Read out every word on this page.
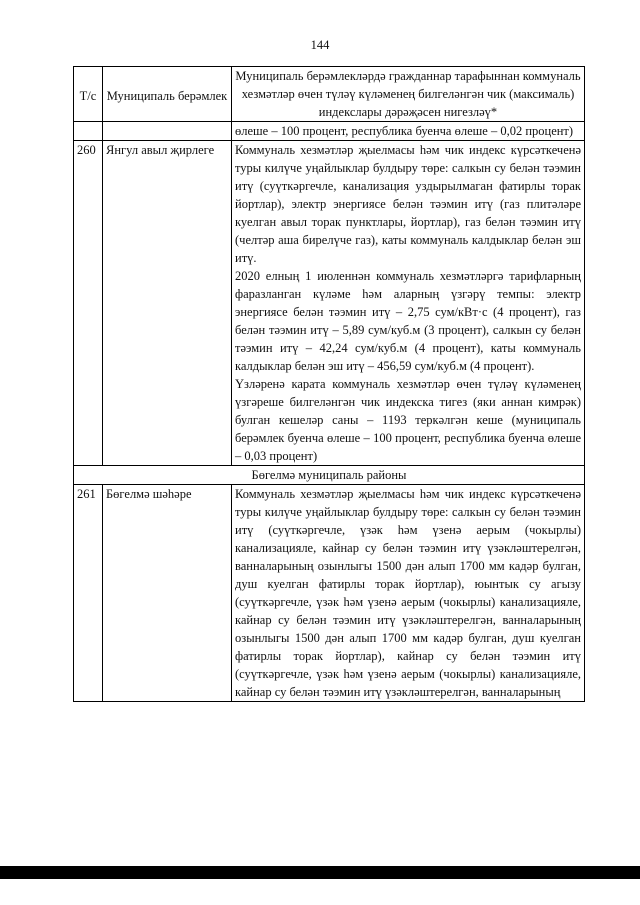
144
Т/с	Муниципаль берәмлек	Муниципаль берәмлекләрдә гражданнар тарафыннан коммуналь хезмәтләр өчен түләү күләменең билгеләнгән чик (максималь) индекслары дәрәҗәсен нигезләү*
		өлеше – 100 процент, республика буенча өлеше – 0,02 процент)
260	Янгул авыл җирлеге	Коммуналь хезмәтләр җыелмасы һәм чик индекс күрсәткеченә туры килүче уңайлыклар булдыру төре: салкын су белән тәэмин итү (суүткәргечле, канализация уздырылмаган фатирлы торак йортлар), электр энергиясе белән тәэмин итү (газ плитәләре куелган авыл торак пунктлары, йортлар), газ белән тәэмин итү (челтәр аша бирелүче газ), каты коммуналь калдыклар белән эш итү.

2020 елның 1 июленнән коммуналь хезмәтләргә тарифларның фаразланган күләме һәм аларның үзгәрү темпы: электр энергиясе белән тәэмин итү – 2,75 сум/кВт·с (4 процент), газ белән тәэмин итү – 5,89 сум/куб.м (3 процент), салкын су белән тәэмин итү – 42,24 сум/куб.м (4 процент), каты коммуналь калдыклар белән эш итү – 456,59 сум/куб.м (4 процент).

Үзләренә карата коммуналь хезмәтләр өчен түләү күләменең үзгәреше билгеләнгән чик индекска тигез (яки аннан кимрәк) булган кешеләр саны – 1193 теркәлгән кеше (муниципаль берәмлек буенча өлеше – 100 процент, республика буенча өлеше – 0,03 процент)

Бөгелмә муниципаль районы		
261	Бөгелмә шәһәре	Коммуналь хезмәтләр җыелмасы һәм чик индекс күрсәткеченә туры килүче уңайлыклар булдыру төре: салкын су белән тәэмин итү (суүткәргечле, үзәк һәм үзенә аерым (чокырлы) канализацияле, кайнар су белән тәэмин итү үзәкләштерелгән, ванналарының озынлыгы 1500 дән алып 1700 мм кадәр булган, душ куелган фатирлы торак йортлар), юынтык су агызу (суүткәргечле, үзәк һәм үзенә аерым (чокырлы) канализацияле, кайнар су белән тәэмин итү үзәкләштерелгән, ванналарының озынлыгы 1500 дән алып 1700 мм кадәр булган, душ куелган фатирлы торак йортлар), кайнар су белән тәэмин итү (суүткәргечле, үзәк һәм үзенә аерым (чокырлы) канализацияле, кайнар су белән тәэмин итү үзәкләштерелгән, ванналарының
